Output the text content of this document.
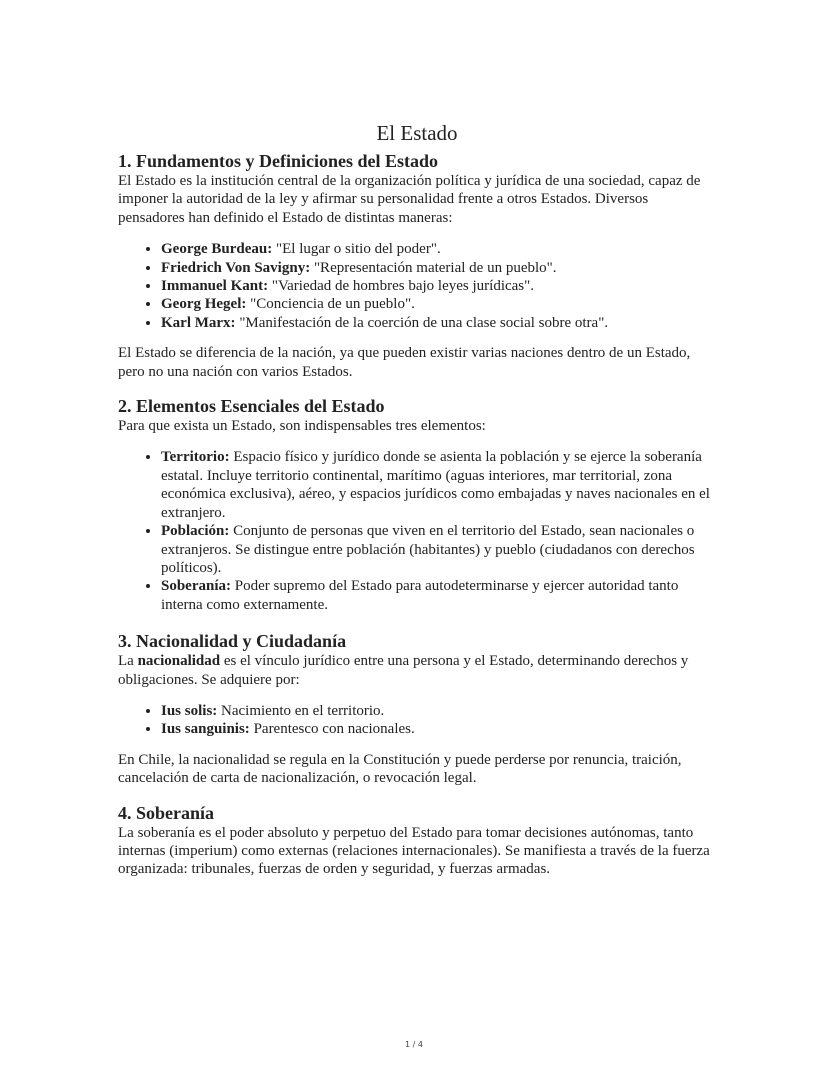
El Estado
1. Fundamentos y Definiciones del Estado

El Estado es la institución central de la organización política y jurídica de una sociedad, capaz de imponer la autoridad de la ley y afirmar su personalidad frente a otros Estados. Diversos pensadores han definido el Estado de distintas maneras:

• George Burdeau: "El lugar o sitio del poder".
• Friedrich Von Savigny: "Representación material de un pueblo".
• Immanuel Kant: "Variedad de hombres bajo leyes jurídicas".
• Georg Hegel: "Conciencia de un pueblo".
• Karl Marx: "Manifestación de la coerción de una clase social sobre otra".

El Estado se diferencia de la nación, ya que pueden existir varias naciones dentro de un Estado, pero no una nación con varios Estados.

2. Elementos Esenciales del Estado

Para que exista un Estado, son indispensables tres elementos:

• Territorio: Espacio físico y jurídico donde se asienta la población y se ejerce la soberanía estatal. Incluye territorio continental, marítimo (aguas interiores, mar territorial, zona económica exclusiva), aéreo, y espacios jurídicos como embajadas y naves nacionales en el extranjero.
• Población: Conjunto de personas que viven en el territorio del Estado, sean nacionales o extranjeros. Se distingue entre población (habitantes) y pueblo (ciudadanos con derechos políticos).
• Soberanía: Poder supremo del Estado para autodeterminarse y ejercer autoridad tanto interna como externamente.
3. Nacionalidad y Ciudadanía

La nacionalidad es el vínculo jurídico entre una persona y el Estado, determinando derechos y obligaciones. Se adquiere por:

• Ius solis: Nacimiento en el territorio.
• Ius sanguinis: Parentesco con nacionales.

En Chile, la nacionalidad se regula en la Constitución y puede perderse por renuncia, traición, cancelación de carta de nacionalización, o revocación legal.

4. Soberanía

La soberanía es el poder absoluto y perpetuo del Estado para tomar decisiones autónomas, tanto internas (imperium) como externas (relaciones internacionales). Se manifiesta a través de la fuerza organizada: tribunales, fuerzas de orden y seguridad, y fuerzas armadas.

1 / 4
